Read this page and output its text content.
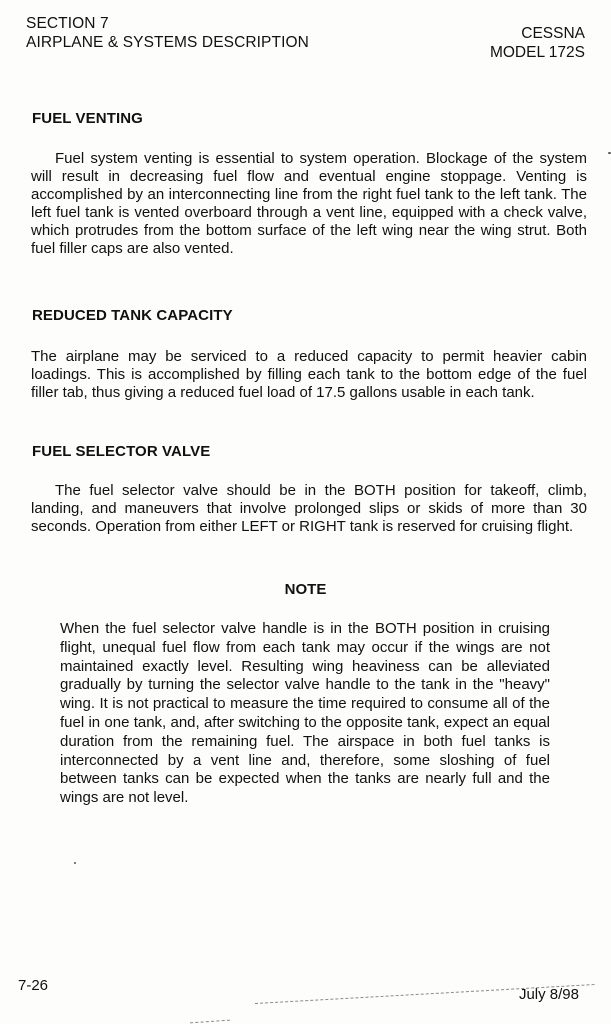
SECTION 7
AIRPLANE & SYSTEMS DESCRIPTION
CESSNA
MODEL 172S
FUEL VENTING
Fuel system venting is essential to system operation. Blockage of the system will result in decreasing fuel flow and eventual engine stoppage. Venting is accomplished by an interconnecting line from the right fuel tank to the left tank. The left fuel tank is vented overboard through a vent line, equipped with a check valve, which protrudes from the bottom surface of the left wing near the wing strut. Both fuel filler caps are also vented.
REDUCED TANK CAPACITY
The airplane may be serviced to a reduced capacity to permit heavier cabin loadings. This is accomplished by filling each tank to the bottom edge of the fuel filler tab, thus giving a reduced fuel load of 17.5 gallons usable in each tank.
FUEL SELECTOR VALVE
The fuel selector valve should be in the BOTH position for takeoff, climb, landing, and maneuvers that involve prolonged slips or skids of more than 30 seconds. Operation from either LEFT or RIGHT tank is reserved for cruising flight.
NOTE
When the fuel selector valve handle is in the BOTH position in cruising flight, unequal fuel flow from each tank may occur if the wings are not maintained exactly level. Resulting wing heaviness can be alleviated gradually by turning the selector valve handle to the tank in the "heavy" wing. It is not practical to measure the time required to consume all of the fuel in one tank, and, after switching to the opposite tank, expect an equal duration from the remaining fuel. The airspace in both fuel tanks is interconnected by a vent line and, therefore, some sloshing of fuel between tanks can be expected when the tanks are nearly full and the wings are not level.
7-26
July 8/98
